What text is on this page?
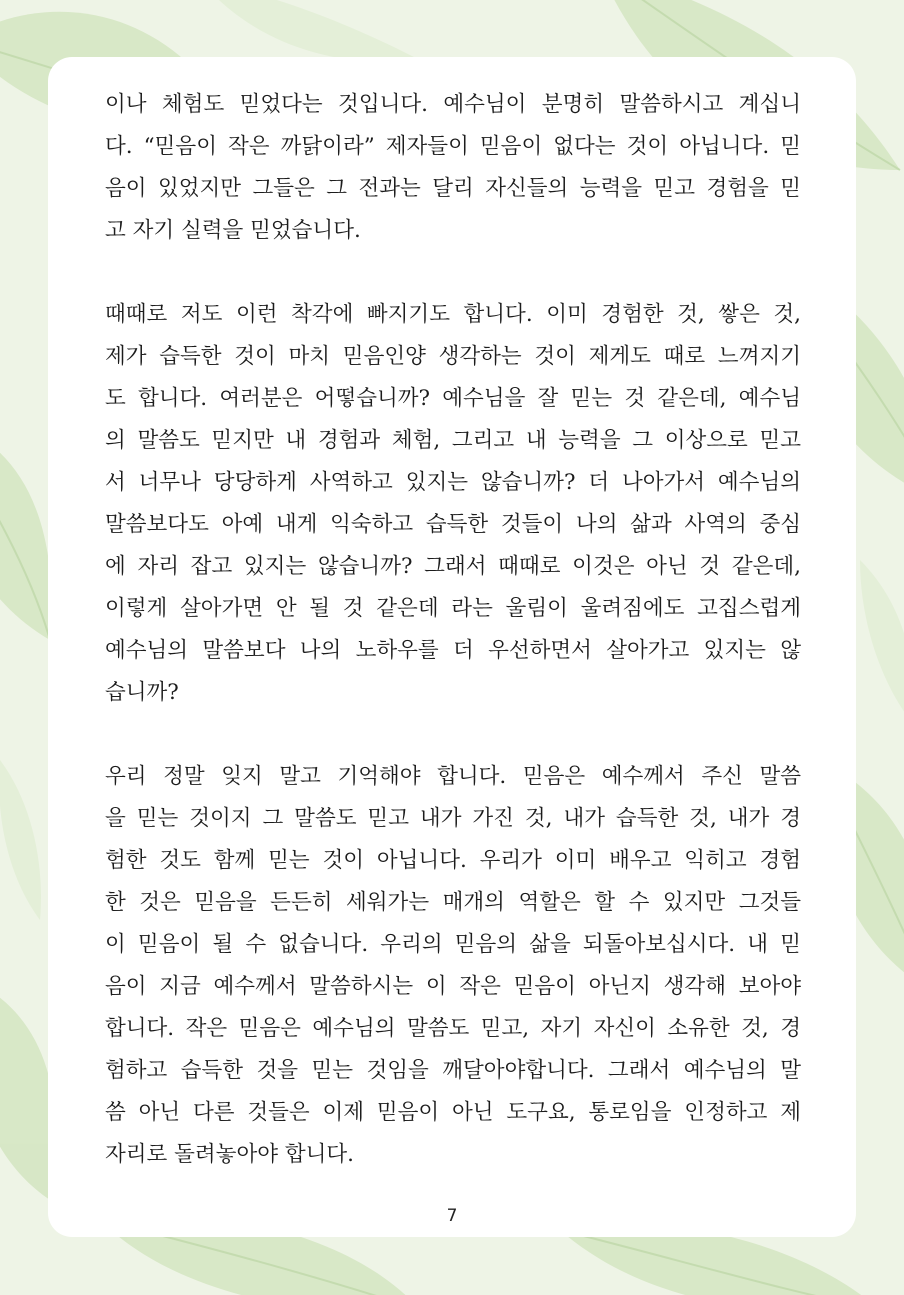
이나 체험도 믿었다는 것입니다. 예수님이 분명히 말씀하시고 계십니
다. “믿음이 작은 까닭이라” 제자들이 믿음이 없다는 것이 아닙니다. 믿
음이 있었지만 그들은 그 전과는 달리 자신들의 능력을 믿고 경험을 믿
고 자기 실력을 믿었습니다.
때때로 저도 이런 착각에 빠지기도 합니다. 이미 경험한 것, 쌓은 것,
제가 습득한 것이 마치 믿음인양 생각하는 것이 제게도 때로 느껴지기
도 합니다. 여러분은 어떻습니까? 예수님을 잘 믿는 것 같은데, 예수님
의 말씀도 믿지만 내 경험과 체험, 그리고 내 능력을 그 이상으로 믿고
서 너무나 당당하게 사역하고 있지는 않습니까? 더 나아가서 예수님의
말씀보다도 아예 내게 익숙하고 습득한 것들이 나의 삶과 사역의 중심
에 자리 잡고 있지는 않습니까? 그래서 때때로 이것은 아닌 것 같은데,
이렇게 살아가면 안 될 것 같은데 라는 울림이 울려짐에도 고집스럽게
예수님의 말씀보다 나의 노하우를 더 우선하면서 살아가고 있지는 않
습니까?
우리 정말 잊지 말고 기억해야 합니다. 믿음은 예수께서 주신 말씀
을 믿는 것이지 그 말씀도 믿고 내가 가진 것, 내가 습득한 것, 내가 경
험한 것도 함께 믿는 것이 아닙니다. 우리가 이미 배우고 익히고 경험
한 것은 믿음을 든든히 세워가는 매개의 역할은 할 수 있지만 그것들
이 믿음이 될 수 없습니다. 우리의 믿음의 삶을 되돌아보십시다. 내 믿
음이 지금 예수께서 말씀하시는 이 작은 믿음이 아닌지 생각해 보아야
합니다. 작은 믿음은 예수님의 말씀도 믿고, 자기 자신이 소유한 것, 경
험하고 습득한 것을 믿는 것임을 깨달아야합니다. 그래서 예수님의 말
씀 아닌 다른 것들은 이제 믿음이 아닌 도구요, 통로임을 인정하고 제
자리로 돌려놓아야 합니다.
7
